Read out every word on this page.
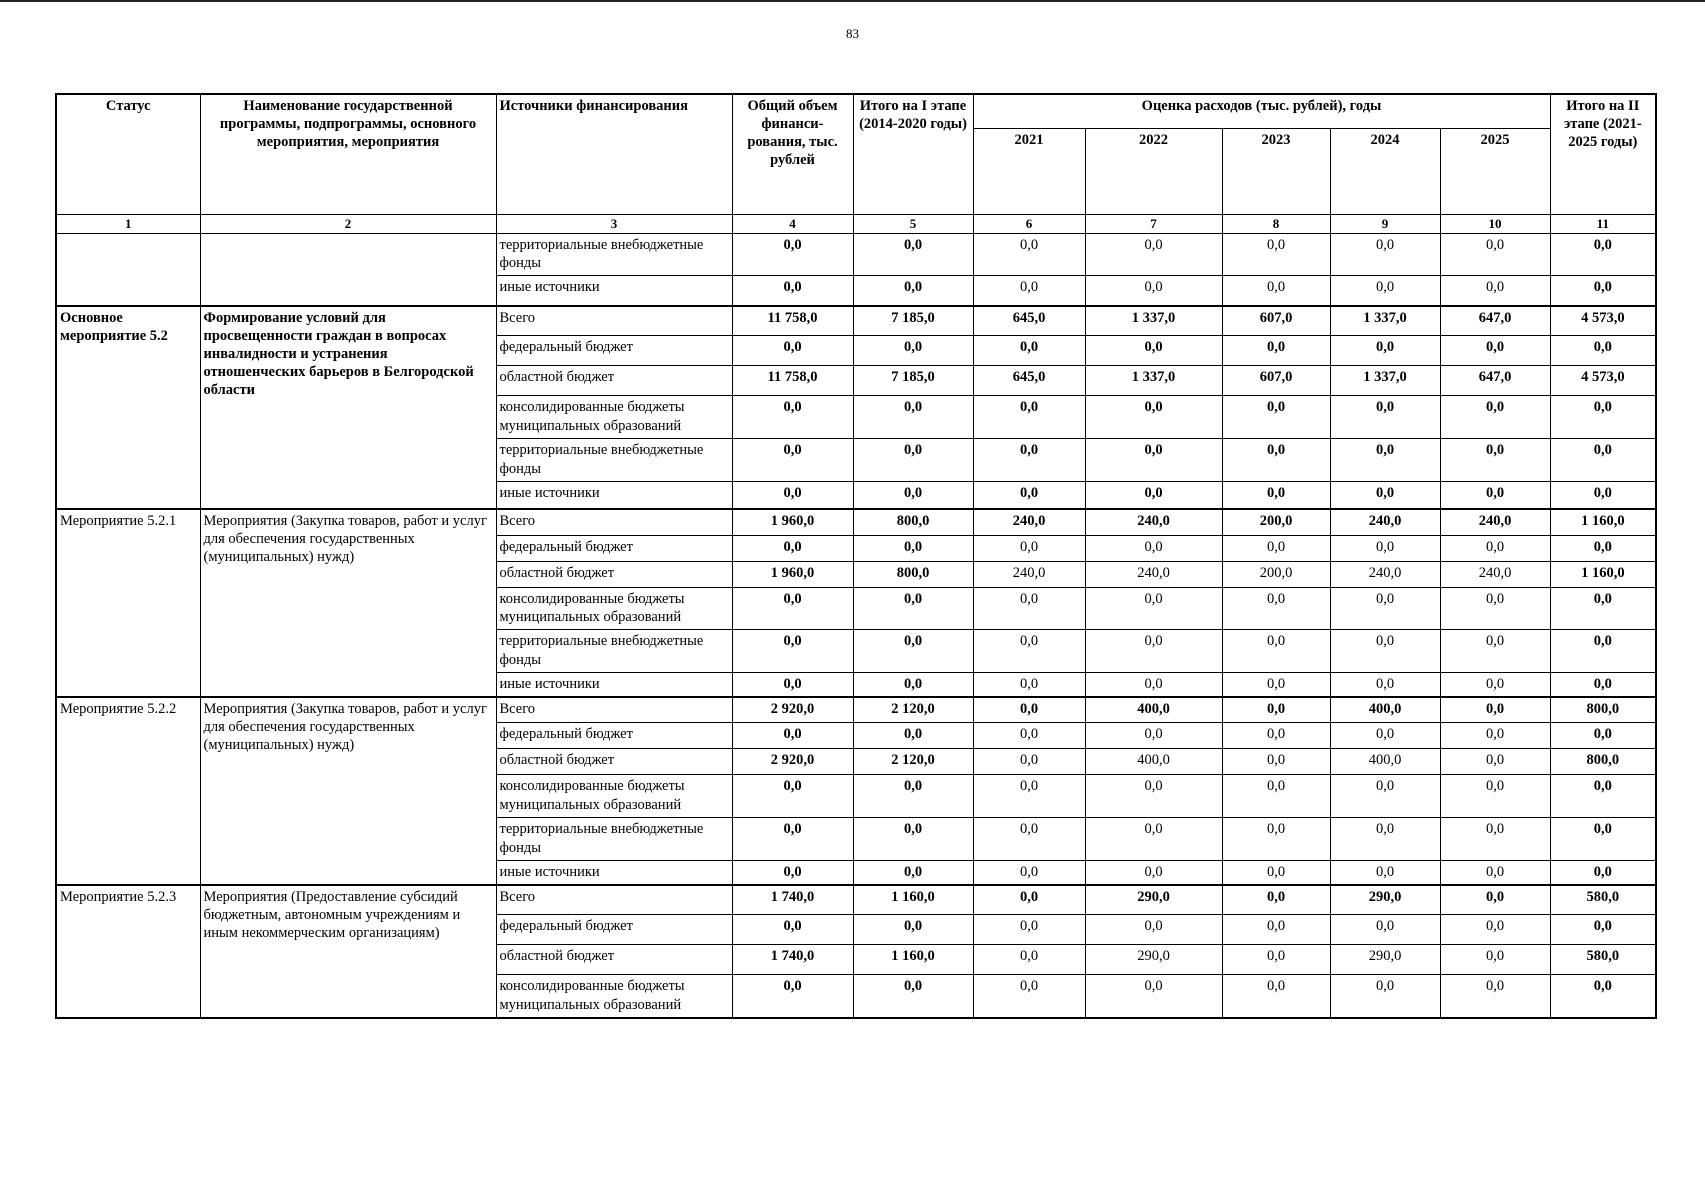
83
Статус	Наименование государственной программы, подпрограммы, основного мероприятия, мероприятия	Источники финансирования	Общий объем финанси-рования, тыс. рублей	Итого на I этапе (2014-2020 годы)	Оценка расходов (тыс. рублей), годы					Итого на II этапе (2021-2025 годы)
					2021	2022	2023	2024	2025	
1	2	3	4	5	6	7	8	9	10	11
		территориальные внебюджетные фонды	0,0	0,0	0,0	0,0	0,0	0,0	0,0	0,0
		иные источники	0,0	0,0	0,0	0,0	0,0	0,0	0,0	0,0
Основное мероприятие 5.2	Формирование условий для просвещенности граждан в вопросах инвалидности и устранения отношенческих барьеров в Белгородской области	Всего	11 758,0	7 185,0	645,0	1 337,0	607,0	1 337,0	647,0	4 573,0
		федеральный бюджет	0,0	0,0	0,0	0,0	0,0	0,0	0,0	0,0
		областной бюджет	11 758,0	7 185,0	645,0	1 337,0	607,0	1 337,0	647,0	4 573,0
		консолидированные бюджеты муниципальных образований	0,0	0,0	0,0	0,0	0,0	0,0	0,0	0,0
		территориальные внебюджетные фонды	0,0	0,0	0,0	0,0	0,0	0,0	0,0	0,0
		иные источники	0,0	0,0	0,0	0,0	0,0	0,0	0,0	0,0
Мероприятие 5.2.1	Мероприятия (Закупка товаров, работ и услуг для обеспечения государственных (муниципальных) нужд)	Всего	1 960,0	800,0	240,0	240,0	200,0	240,0	240,0	1 160,0
		федеральный бюджет	0,0	0,0	0,0	0,0	0,0	0,0	0,0	0,0
		областной бюджет	1 960,0	800,0	240,0	240,0	200,0	240,0	240,0	1 160,0
		консолидированные бюджеты муниципальных образований	0,0	0,0	0,0	0,0	0,0	0,0	0,0	0,0
		территориальные внебюджетные фонды	0,0	0,0	0,0	0,0	0,0	0,0	0,0	0,0
		иные источники	0,0	0,0	0,0	0,0	0,0	0,0	0,0	0,0
Мероприятие 5.2.2	Мероприятия (Закупка товаров, работ и услуг для обеспечения государственных (муниципальных) нужд)	Всего	2 920,0	2 120,0	0,0	400,0	0,0	400,0	0,0	800,0
		федеральный бюджет	0,0	0,0	0,0	0,0	0,0	0,0	0,0	0,0
		областной бюджет	2 920,0	2 120,0	0,0	400,0	0,0	400,0	0,0	800,0
		консолидированные бюджеты муниципальных образований	0,0	0,0	0,0	0,0	0,0	0,0	0,0	0,0
		территориальные внебюджетные фонды	0,0	0,0	0,0	0,0	0,0	0,0	0,0	0,0
		иные источники	0,0	0,0	0,0	0,0	0,0	0,0	0,0	0,0
Мероприятие 5.2.3	Мероприятия (Предоставление субсидий бюджетным, автономным учреждениям и иным некоммерческим организациям)	Всего	1 740,0	1 160,0	0,0	290,0	0,0	290,0	0,0	580,0
		федеральный бюджет	0,0	0,0	0,0	0,0	0,0	0,0	0,0	0,0
		областной бюджет	1 740,0	1 160,0	0,0	290,0	0,0	290,0	0,0	580,0
		консолидированные бюджеты муниципальных образований	0,0	0,0	0,0	0,0	0,0	0,0	0,0	0,0
